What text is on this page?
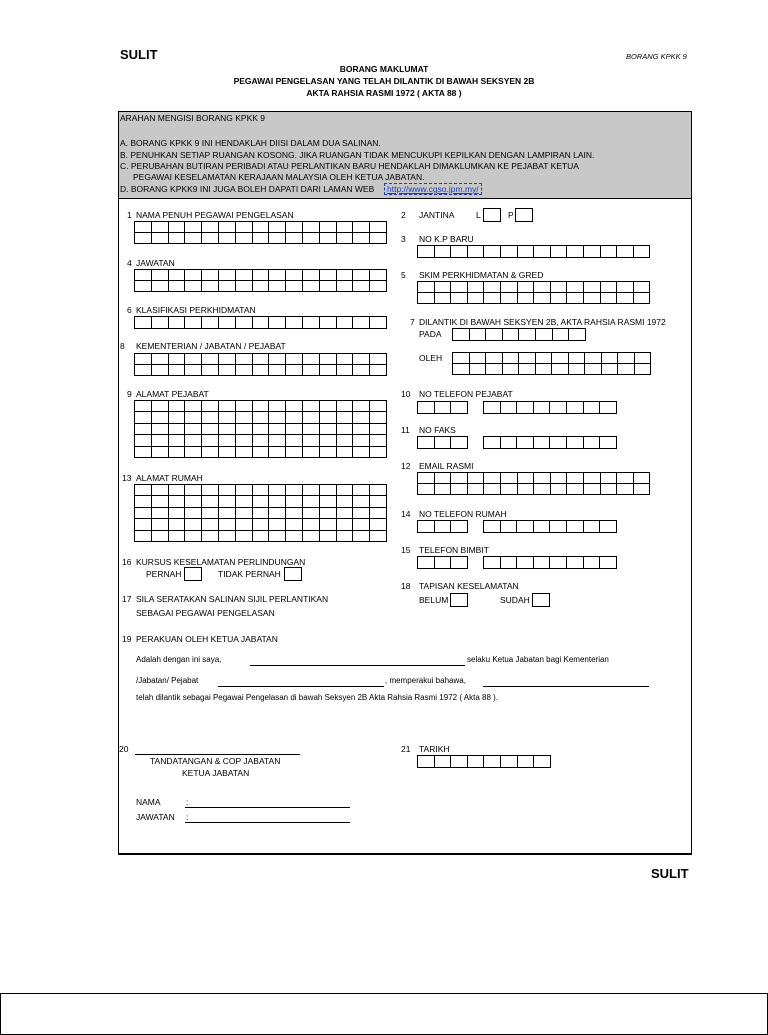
SULIT	BORANG KPKK 9
BORANG MAKLUMAT
PEGAWAI PENGELASAN YANG TELAH DILANTIK DI BAWAH SEKSYEN 2B
AKTA RAHSIA RASMI 1972 ( AKTA 88 )
ARAHAN MENGISI BORANG KPKK 9
A. BORANG KPKK 9 INI HENDAKLAH DIISI DALAM DUA SALINAN.
B. PENUHKAN SETIAP RUANGAN KOSONG. JIKA RUANGAN TIDAK MENCUKUPI KEPILKAN DENGAN LAMPIRAN LAIN.
C. PERUBAHAN BUTIRAN PERIBADI ATAU PERLANTIKAN BARU HENDAKLAH DIMAKLUMKAN KE PEJABAT KETUA
PEGAWAI KESELAMATAN KERAJAAN MALAYSIA OLEH KETUA JABATAN.
D. BORANG KPKK9 INI JUGA BOLEH DAPATI DARI LAMAN WEB	http://www.cgso.jpm.my/
1 NAMA PENUH PEGAWAI PENGELASAN	2 JANTINA	L	P
3 NO K.P BARU
4 JAWATAN
5 SKIM PERKHIDMATAN & GRED
6 KLASIFIKASI PERKHIDMATAN
7 DILANTIK DI BAWAH SEKSYEN 2B, AKTA RAHSIA RASMI 1972
PADA
8 KEMENTERIAN / JABATAN / PEJABAT
OLEH
9 ALAMAT PEJABAT	10 NO TELEFON PEJABAT
11 NO FAKS
12 EMAIL RASMI
13 ALAMAT RUMAH
14 NO TELEFON RUMAH
15 TELEFON BIMBIT
16 KURSUS KESELAMATAN PERLINDUNGAN
PERNAH	TIDAK PERNAH
18 TAPISAN KESELAMATAN
BELUM	SUDAH
17 SILA SERATAKAN SALINAN SIJIL PERLANTIKAN
SEBAGAI PEGAWAI PENGELASAN
19 PERAKUAN OLEH KETUA JABATAN
Adalah dengan ini saya,	selaku Ketua Jabatan bagi Kementerian
/Jabatan/ Pejabat	, memperakui bahawa,
telah dilantik sebagai Pegawai Pengelasan di bawah Seksyen 2B Akta Rahsia Rasmi 1972 ( Akta 88 ).
20
TANDATANGAN & COP JABATAN
KETUA JABATAN
21 TARIKH
NAMA	:
JAWATAN :
SULIT
